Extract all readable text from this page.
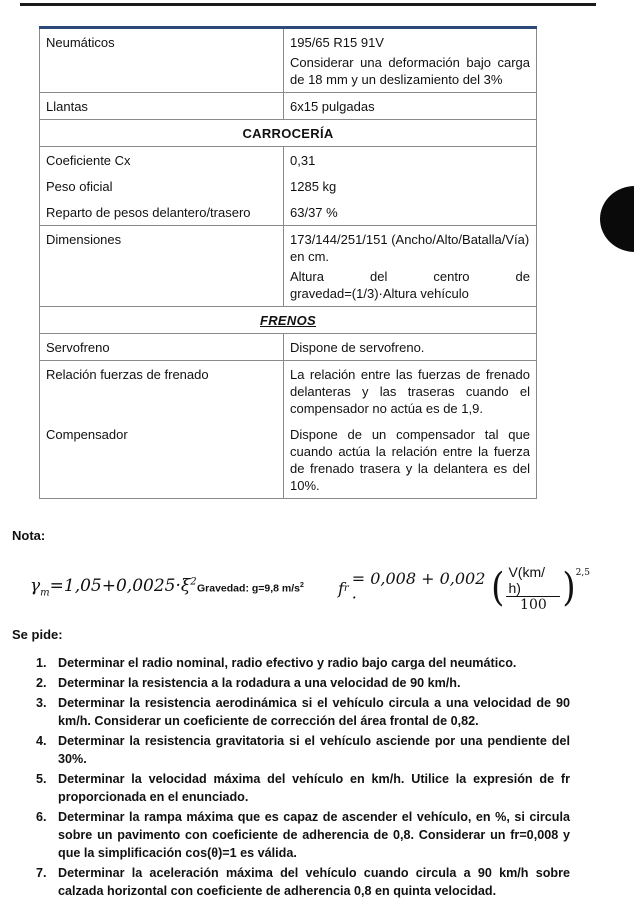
Neumáticos	195/65 R15 91V
Considerar una deformación bajo carga de 18 mm y un deslizamiento del 3%

Llantas	6x15 pulgadas
CARROCERÍA	
Coeficiente Cx	0,31
Peso oficial	1285 kg
Reparto de pesos delantero/trasero	63/37 %
Dimensiones	173/144/251/151 (Ancho/Alto/Batalla/Vía) en cm.
Altura del centro de
gravedad=(1/3)·Altura vehículo

FRENOS	
Servofreno	Dispone de servofreno.
Relación fuerzas de frenado	La relación entre las fuerzas de frenado delanteras y las traseras cuando el compensador no actúa es de 1,9.
Compensador	Dispone de un compensador tal que cuando actúa la relación entre la fuerza de frenado trasera y la delantera es del 10%.
Nota:
$\gamma_m=1,05+0,0025\cdot\xi^2$
Gravedad: g=9,8 $m/s^2$ f r = 0,008 + 0,002 ·	( $\frac{V(km/ h)}{100}$ ) 2,5
Se pide:
1. Determinar el radio nominal, radio efectivo y radio bajo carga del neumático.
2. Determinar la resistencia a la rodadura a una velocidad de 90 km/h.
3. Determinar la resistencia aerodinámica si el vehículo circula a una velocidad de 90 km/h. Considerar un coeficiente de corrección del área frontal de 0,82.
4. Determinar la resistencia gravitatoria si el vehículo asciende por una pendiente del 30%.
5. Determinar la velocidad máxima del vehículo en km/h. Utilice la expresión de fr proporcionada en el enunciado.
6. Determinar la rampa máxima que es capaz de ascender el vehículo, en %, si circula sobre un pavimento con coeficiente de adherencia de 0,8. Considerar un fr=0,008 y que la simplificación cos(θ)=1 es válida.
7. Determinar la aceleración máxima del vehículo cuando circula a 90 km/h sobre calzada horizontal con coeficiente de adherencia 0,8 en quinta velocidad.
